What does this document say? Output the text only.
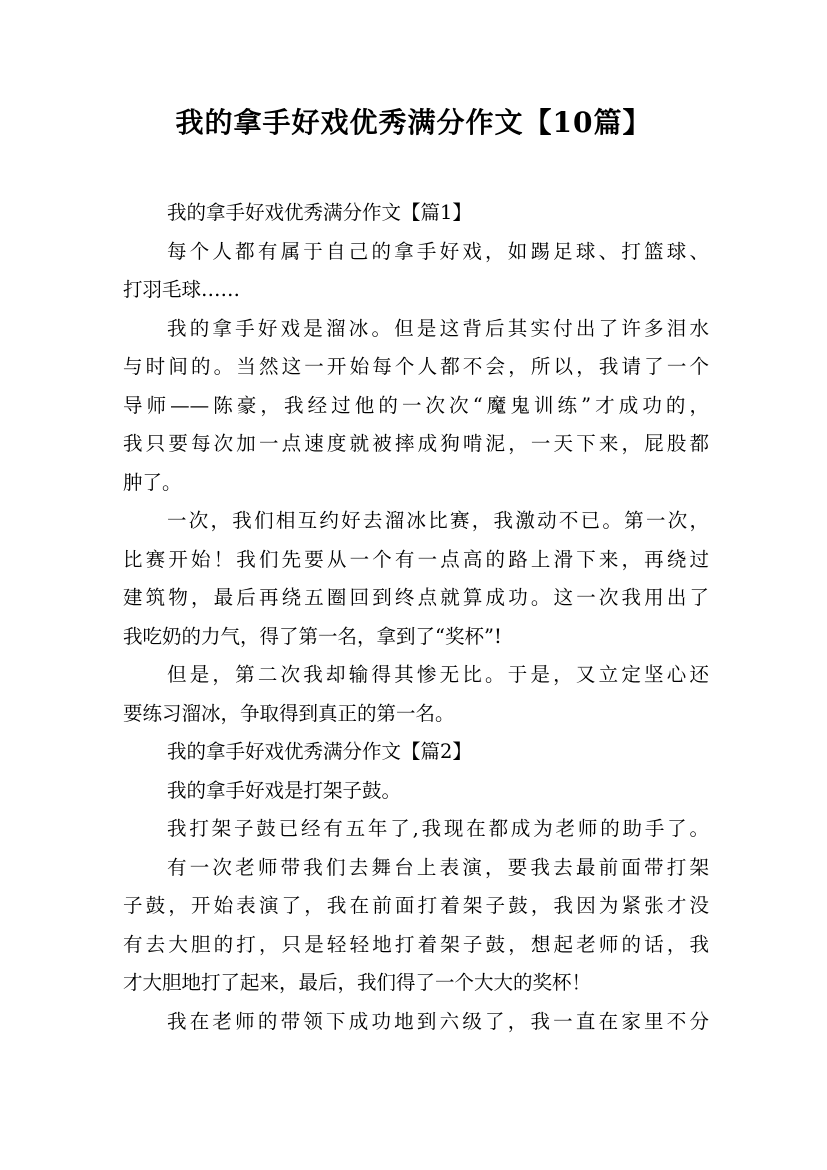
我的拿手好戏优秀满分作文【10篇】
我的拿手好戏优秀满分作文【篇1】
每个人都有属于自己的拿手好戏，如踢足球、打篮球、
打羽毛球……
我的拿手好戏是溜冰。但是这背后其实付出了许多泪水
与时间的。当然这一开始每个人都不会，所以，我请了一个
导师——陈豪，我经过他的一次次“魔鬼训练”才成功的，
我只要每次加一点速度就被摔成狗啃泥，一天下来，屁股都
肿了。
一次，我们相互约好去溜冰比赛，我激动不已。第一次，
比赛开始！我们先要从一个有一点高的路上滑下来，再绕过
建筑物，最后再绕五圈回到终点就算成功。这一次我用出了
我吃奶的力气，得了第一名，拿到了“奖杯”!
但是，第二次我却输得其惨无比。于是，又立定坚心还
要练习溜冰，争取得到真正的第一名。
我的拿手好戏优秀满分作文【篇2】
我的拿手好戏是打架子鼓。
我打架子鼓已经有五年了,我现在都成为老师的助手了。
有一次老师带我们去舞台上表演，要我去最前面带打架
子鼓，开始表演了，我在前面打着架子鼓，我因为紧张才没
有去大胆的打，只是轻轻地打着架子鼓，想起老师的话，我
才大胆地打了起来，最后，我们得了一个大大的奖杯！
我在老师的带领下成功地到六级了，我一直在家里不分
